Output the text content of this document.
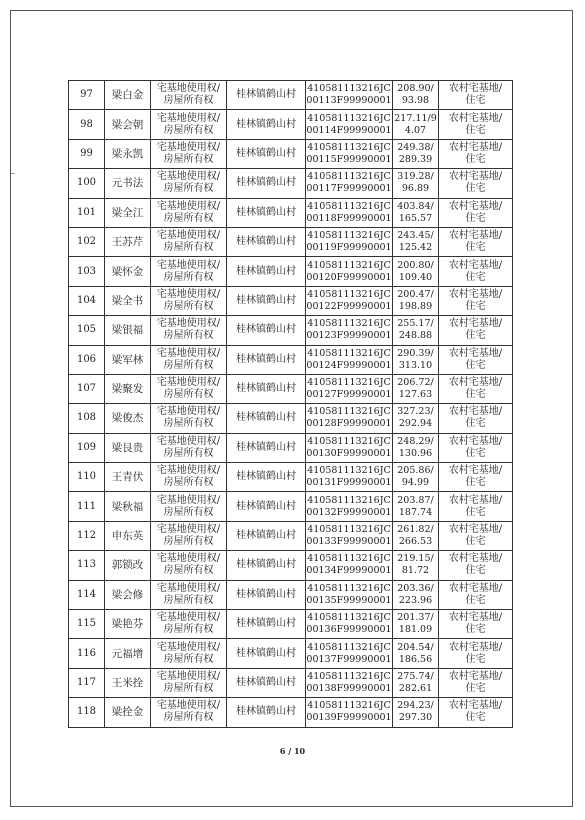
97	梁白金	宅基地使用权/
房屋所有权	桂林镇鹤山村	410581113216JC
00113F99990001	208.90/
93.98	农村宅基地/
住宅

98	梁会朝	宅基地使用权/
房屋所有权	桂林镇鹤山村	410581113216JC
00114F99990001	217.11/9
4.07	农村宅基地/
住宅

99	梁永凯	宅基地使用权/
房屋所有权	桂林镇鹤山村	410581113216JC
00115F99990001	249.38/
289.39	农村宅基地/
住宅

100	元书法	宅基地使用权/
房屋所有权	桂林镇鹤山村	410581113216JC
00117F99990001	319.28/
96.89	农村宅基地/
住宅

101	梁全江	宅基地使用权/
房屋所有权	桂林镇鹤山村	410581113216JC
00118F99990001	403.84/
165.57	农村宅基地/
住宅

102	王苏芹	宅基地使用权/
房屋所有权	桂林镇鹤山村	410581113216JC
00119F99990001	243.45/
125.42	农村宅基地/
住宅

103	梁怀金	宅基地使用权/
房屋所有权	桂林镇鹤山村	410581113216JC
00120F99990001	200.80/
109.40	农村宅基地/
住宅

104	梁全书	宅基地使用权/
房屋所有权	桂林镇鹤山村	410581113216JC
00122F99990001	200.47/
198.89	农村宅基地/
住宅

105	梁银福	宅基地使用权/
房屋所有权	桂林镇鹤山村	410581113216JC
00123F99990001	255.17/
248.88	农村宅基地/
住宅

106	梁军林	宅基地使用权/
房屋所有权	桂林镇鹤山村	410581113216JC
00124F99990001	290.39/
313.10	农村宅基地/
住宅

107	梁聚发	宅基地使用权/
房屋所有权	桂林镇鹤山村	410581113216JC
00127F99990001	206.72/
127.63	农村宅基地/
住宅

108	梁俊杰	宅基地使用权/
房屋所有权	桂林镇鹤山村	410581113216JC
00128F99990001	327.23/
292.94	农村宅基地/
住宅

109	梁艮贵	宅基地使用权/
房屋所有权	桂林镇鹤山村	410581113216JC
00130F99990001	248.29/
130.96	农村宅基地/
住宅

110	王青伏	宅基地使用权/
房屋所有权	桂林镇鹤山村	410581113216JC
00131F99990001	205.86/
94.99	农村宅基地/
住宅

111	梁秋福	宅基地使用权/
房屋所有权	桂林镇鹤山村	410581113216JC
00132F99990001	203.87/
187.74	农村宅基地/
住宅

112	申东英	宅基地使用权/
房屋所有权	桂林镇鹤山村	410581113216JC
00133F99990001	261.82/
266.53	农村宅基地/
住宅

113	郭锁改	宅基地使用权/
房屋所有权	桂林镇鹤山村	410581113216JC
00134F99990001	219.15/
81.72	农村宅基地/
住宅

114	梁会修	宅基地使用权/
房屋所有权	桂林镇鹤山村	410581113216JC
00135F99990001	203.36/
223.96	农村宅基地/
住宅

115	梁艳芬	宅基地使用权/
房屋所有权	桂林镇鹤山村	410581113216JC
00136F99990001	201.37/
181.09	农村宅基地/
住宅

116	元福增	宅基地使用权/
房屋所有权	桂林镇鹤山村	410581113216JC
00137F99990001	204.54/
186.56	农村宅基地/
住宅

117	王米拴	宅基地使用权/
房屋所有权	桂林镇鹤山村	410581113216JC
00138F99990001	275.74/
282.61	农村宅基地/
住宅

118	梁拴金	宅基地使用权/
房屋所有权	桂林镇鹤山村	410581113216JC
00139F99990001	294.23/
297.30	农村宅基地/
住宅
6 / 10
